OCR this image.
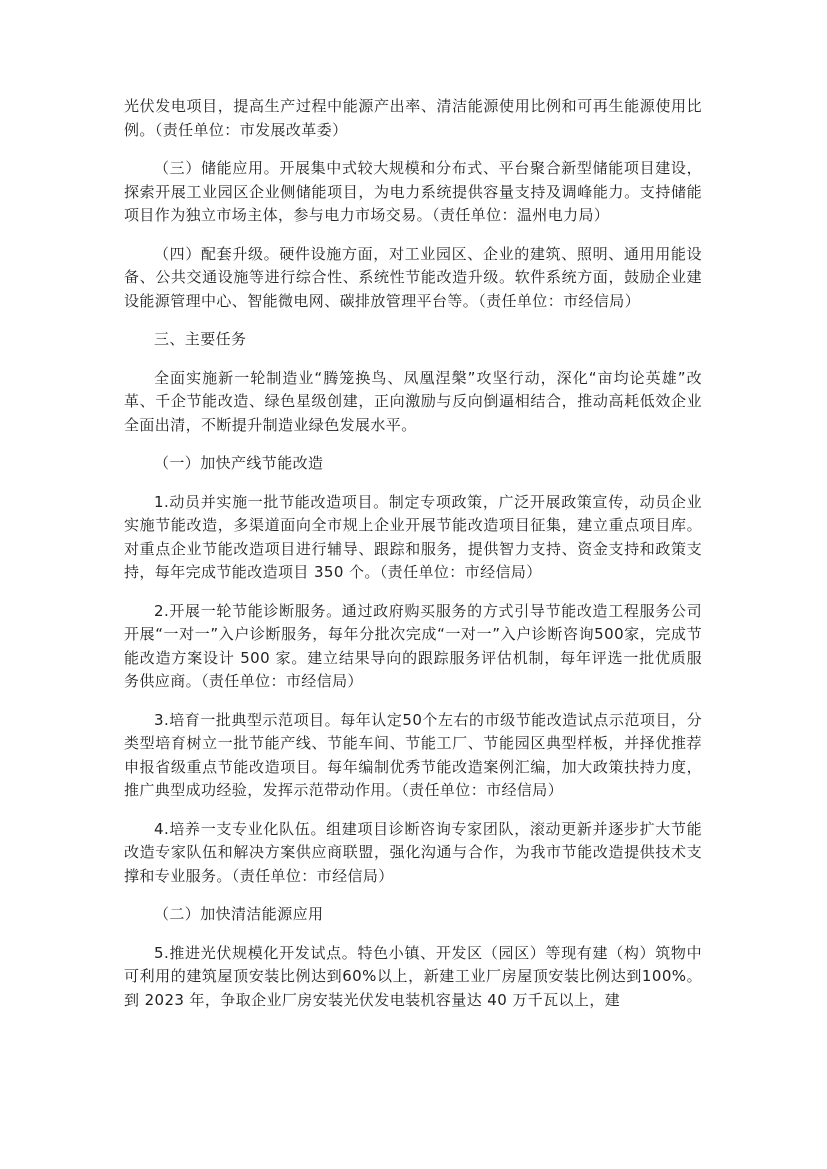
光伏发电项目，提高生产过程中能源产出率、清洁能源使用比例和可再生能源使用比例。（责任单位：市发展改革委）

（三）储能应用。开展集中式较大规模和分布式、平台聚合新型储能项目建设，探索开展工业园区企业侧储能项目，为电力系统提供容量支持及调峰能力。支持储能项目作为独立市场主体，参与电力市场交易。（责任单位：温州电力局）

（四）配套升级。硬件设施方面，对工业园区、企业的建筑、照明、通用用能设备、公共交通设施等进行综合性、系统性节能改造升级。软件系统方面，鼓励企业建设能源管理中心、智能微电网、碳排放管理平台等。（责任单位：市经信局）

三、主要任务

全面实施新一轮制造业“腾笼换鸟、凤凰涅槃”攻坚行动，深化“亩均论英雄”改革、千企节能改造、绿色星级创建，正向激励与反向倒逼相结合，推动高耗低效企业全面出清，不断提升制造业绿色发展水平。

（一）加快产线节能改造

1.动员并实施一批节能改造项目。制定专项政策，广泛开展政策宣传，动员企业实施节能改造，多渠道面向全市规上企业开展节能改造项目征集，建立重点项目库。对重点企业节能改造项目进行辅导、跟踪和服务，提供智力支持、资金支持和政策支持，每年完成节能改造项目 350 个。（责任单位：市经信局）

2.开展一轮节能诊断服务。通过政府购买服务的方式引导节能改造工程服务公司开展“一对一”入户诊断服务，每年分批次完成“一对一”入户诊断咨询500家，完成节能改造方案设计 500 家。建立结果导向的跟踪服务评估机制，每年评选一批优质服务供应商。（责任单位：市经信局）

3.培育一批典型示范项目。每年认定50个左右的市级节能改造试点示范项目，分类型培育树立一批节能产线、节能车间、节能工厂、节能园区典型样板，并择优推荐申报省级重点节能改造项目。每年编制优秀节能改造案例汇编，加大政策扶持力度，推广典型成功经验，发挥示范带动作用。（责任单位：市经信局）

4.培养一支专业化队伍。组建项目诊断咨询专家团队，滚动更新并逐步扩大节能改造专家队伍和解决方案供应商联盟，强化沟通与合作，为我市节能改造提供技术支撑和专业服务。（责任单位：市经信局）

（二）加快清洁能源应用

5.推进光伏规模化开发试点。特色小镇、开发区（园区）等现有建（构）筑物中可利用的建筑屋顶安装比例达到60%以上，新建工业厂房屋顶安装比例达到100%。到 2023 年，争取企业厂房安装光伏发电装机容量达 40 万千瓦以上，建
